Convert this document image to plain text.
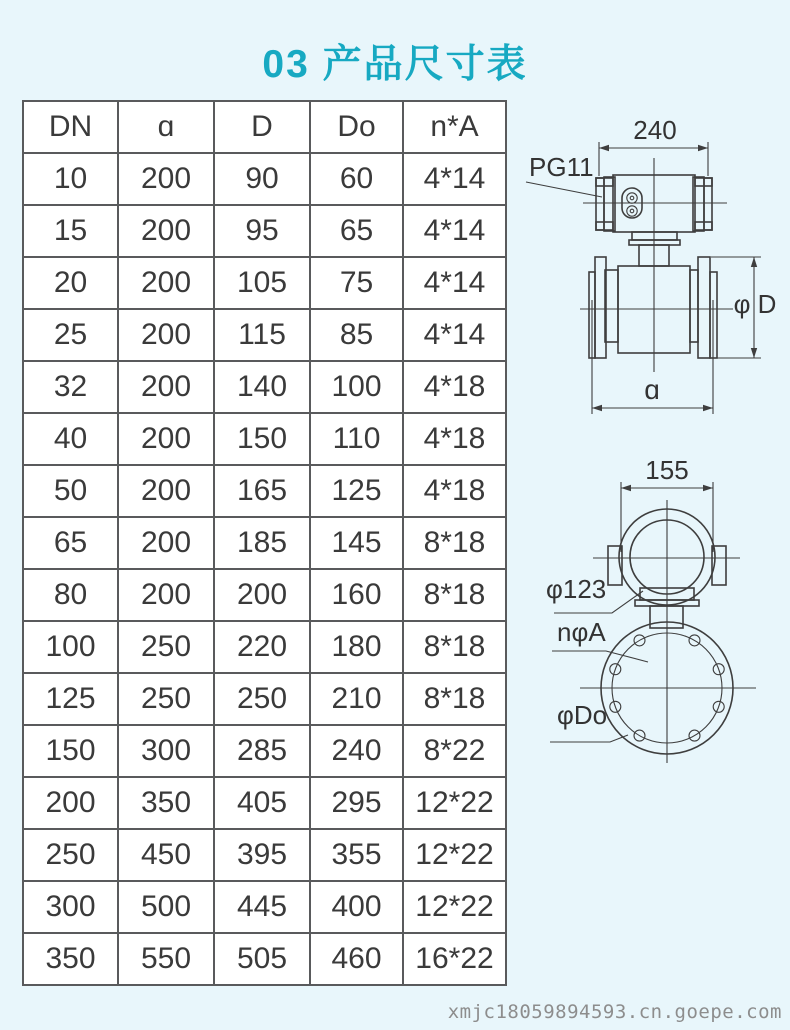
03 产品尺寸表
DN	ɑ	D	Do	n*A
10	200	90	60	4*14
15	200	95	65	4*14
20	200	105	75	4*14
25	200	115	85	4*14
32	200	140	100	4*18
40	200	150	110	4*18
50	200	165	125	4*18
65	200	185	145	8*18
80	200	200	160	8*18
100	250	220	180	8*18
125	250	250	210	8*18
150	300	285	240	8*22
200	350	405	295	12*22
250	450	395	355	12*22
300	500	445	400	12*22
350	550	505	460	16*22
240
PG11
φ D
ɑ
155
φ123
nφA
φDo
xmjc18059894593.cn.goepe.com
